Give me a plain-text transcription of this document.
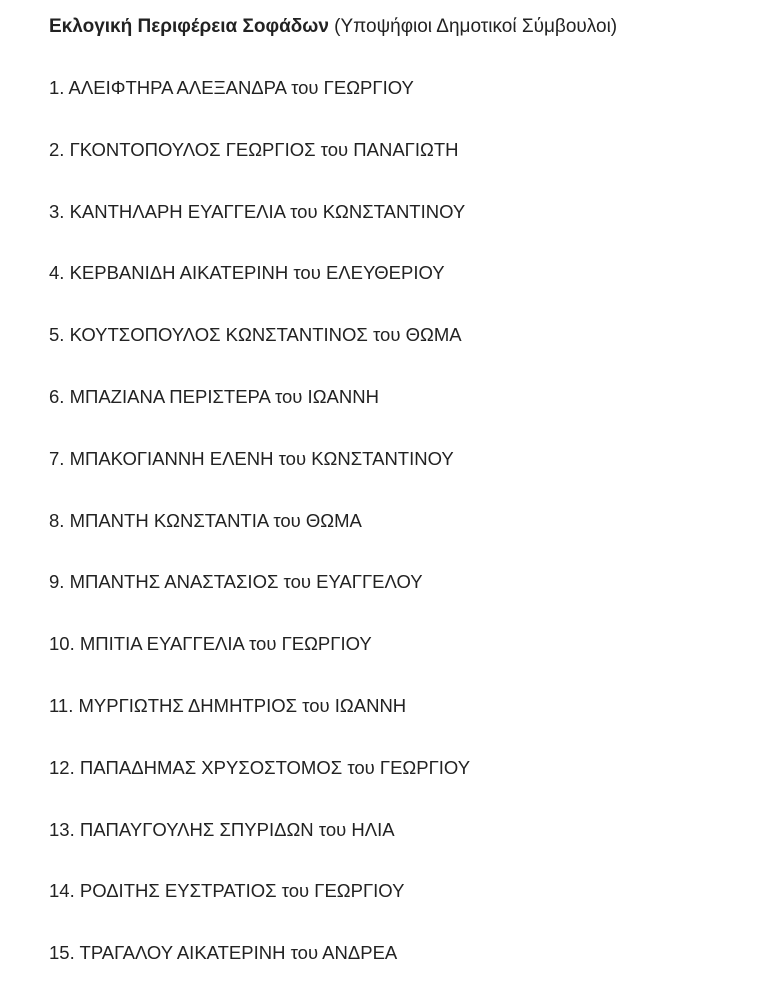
Εκλογική Περιφέρεια Σοφάδων (Υποψήφιοι Δημοτικοί Σύμβουλοι)

1. ΑΛΕΙΦΤΗΡΑ ΑΛΕΞΑΝΔΡΑ του ΓΕΩΡΓΙΟΥ
2. ΓΚΟΝΤΟΠΟΥΛΟΣ ΓΕΩΡΓΙΟΣ του ΠΑΝΑΓΙΩΤΗ
3. ΚΑΝΤΗΛΑΡΗ ΕΥΑΓΓΕΛΙΑ του ΚΩΝΣΤΑΝΤΙΝΟΥ
4. ΚΕΡΒΑΝΙΔΗ ΑΙΚΑΤΕΡΙΝΗ του ΕΛΕΥΘΕΡΙΟΥ
5. ΚΟΥΤΣΟΠΟΥΛΟΣ ΚΩΝΣΤΑΝΤΙΝΟΣ του ΘΩΜΑ
6. ΜΠΑΖΙΑΝΑ ΠΕΡΙΣΤΕΡΑ του ΙΩΑΝΝΗ
7. ΜΠΑΚΟΓΙΑΝΝΗ ΕΛΕΝΗ του ΚΩΝΣΤΑΝΤΙΝΟΥ
8. ΜΠΑΝΤΗ ΚΩΝΣΤΑΝΤΙΑ του ΘΩΜΑ
9. ΜΠΑΝΤΗΣ ΑΝΑΣΤΑΣΙΟΣ του ΕΥΑΓΓΕΛΟΥ
10. ΜΠΙΤΙΑ ΕΥΑΓΓΕΛΙΑ του ΓΕΩΡΓΙΟΥ
11. ΜΥΡΓΙΩΤΗΣ ΔΗΜΗΤΡΙΟΣ του ΙΩΑΝΝΗ
12. ΠΑΠΑΔΗΜΑΣ ΧΡΥΣΟΣΤΟΜΟΣ του ΓΕΩΡΓΙΟΥ
13. ΠΑΠΑΥΓΟΥΛΗΣ ΣΠΥΡΙΔΩΝ του ΗΛΙΑ
14. ΡΟΔΙΤΗΣ ΕΥΣΤΡΑΤΙΟΣ του ΓΕΩΡΓΙΟΥ
15. ΤΡΑΓΑΛΟΥ ΑΙΚΑΤΕΡΙΝΗ του ΑΝΔΡΕΑ
